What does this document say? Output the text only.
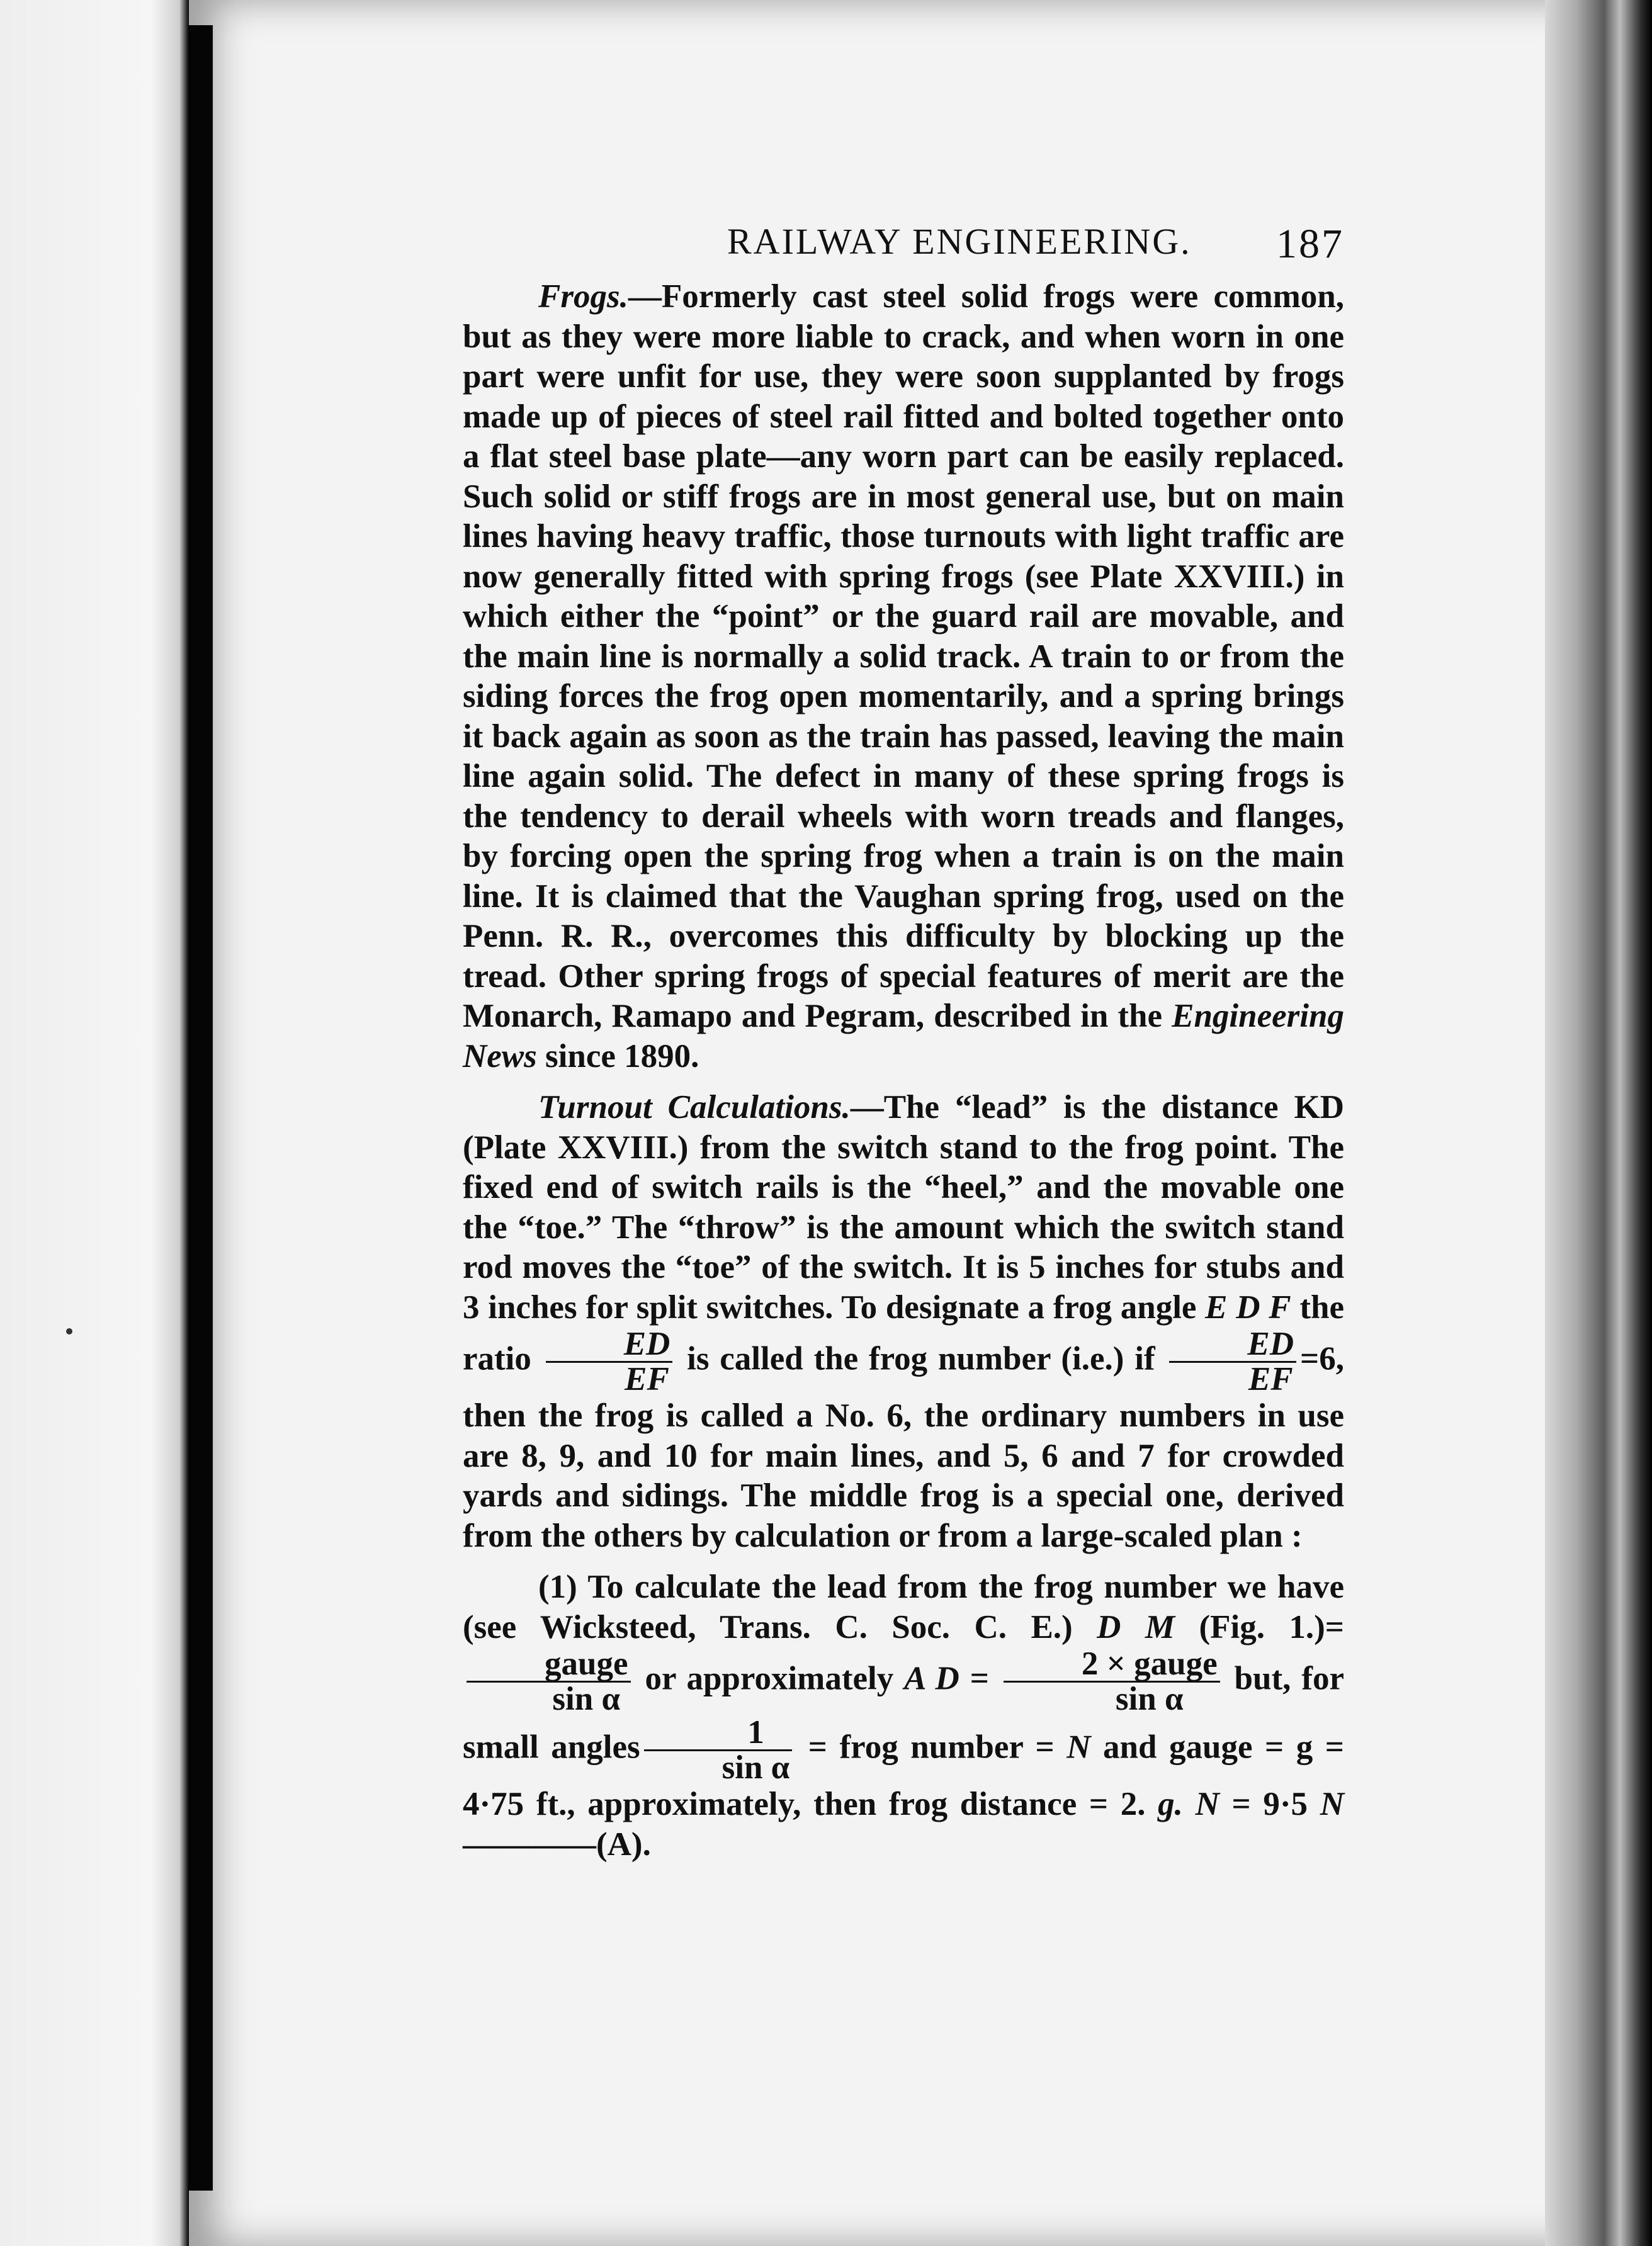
RAILWAY ENGINEERING. 187

Frogs.—Formerly cast steel solid frogs were common, but as they were more liable to crack, and when worn in one part were unfit for use, they were soon supplanted by frogs made up of pieces of steel rail fitted and bolted together onto a flat steel base plate—any worn part can be easily replaced. Such solid or stiff frogs are in most general use, but on main lines having heavy traffic, those turnouts with light traffic are now generally fitted with spring frogs (see Plate XXVIII.) in which either the “point” or the guard rail are movable, and the main line is normally a solid track. A train to or from the siding forces the frog open momentarily, and a spring brings it back again as soon as the train has passed, leaving the main line again solid. The defect in many of these spring frogs is the tendency to derail wheels with worn treads and flanges, by forcing open the spring frog when a train is on the main line. It is claimed that the Vaughan spring frog, used on the Penn. R. R., overcomes this difficulty by blocking up the tread. Other spring frogs of special features of merit are the Monarch, Ramapo and Pegram, described in the Engineering News since 1890.

Turnout Calculations.—The “lead” is the distance KD (Plate XXVIII.) from the switch stand to the frog point. The fixed end of switch rails is the “heel,” and the movable one the “toe.” The “throw” is the amount which the switch stand rod moves the “toe” of the switch. It is 5 inches for stubs and 3 inches for split switches. To designate a frog angle E D F the ratio $\frac{ED}{EF}$ is called the frog number (i.e.) if $\frac{ED}{EF} =6$, then the frog is called a No. 6, the ordinary numbers in use are 8, 9, and 10 for main lines, and 5, 6 and 7 for crowded yards and sidings. The middle frog is a special one, derived from the others by calculation or from a large-scaled plan :

(1) To calculate the lead from the frog number we have (see Wicksteed, Trans. C. Soc. C. E.) D M (Fig. 1.)=
$\frac{\text{gauge}}{\text{sin α}}$ or approximately A $D = \frac{\text{2 × gauge}}{\text{sin α}}$ but, for small angles $\frac{1}{\text{sin α}}$ = frog number = N and gauge = g = 4·75 ft., approximately, then frog distance = 2. g. N = 9·5 N ————(A).
